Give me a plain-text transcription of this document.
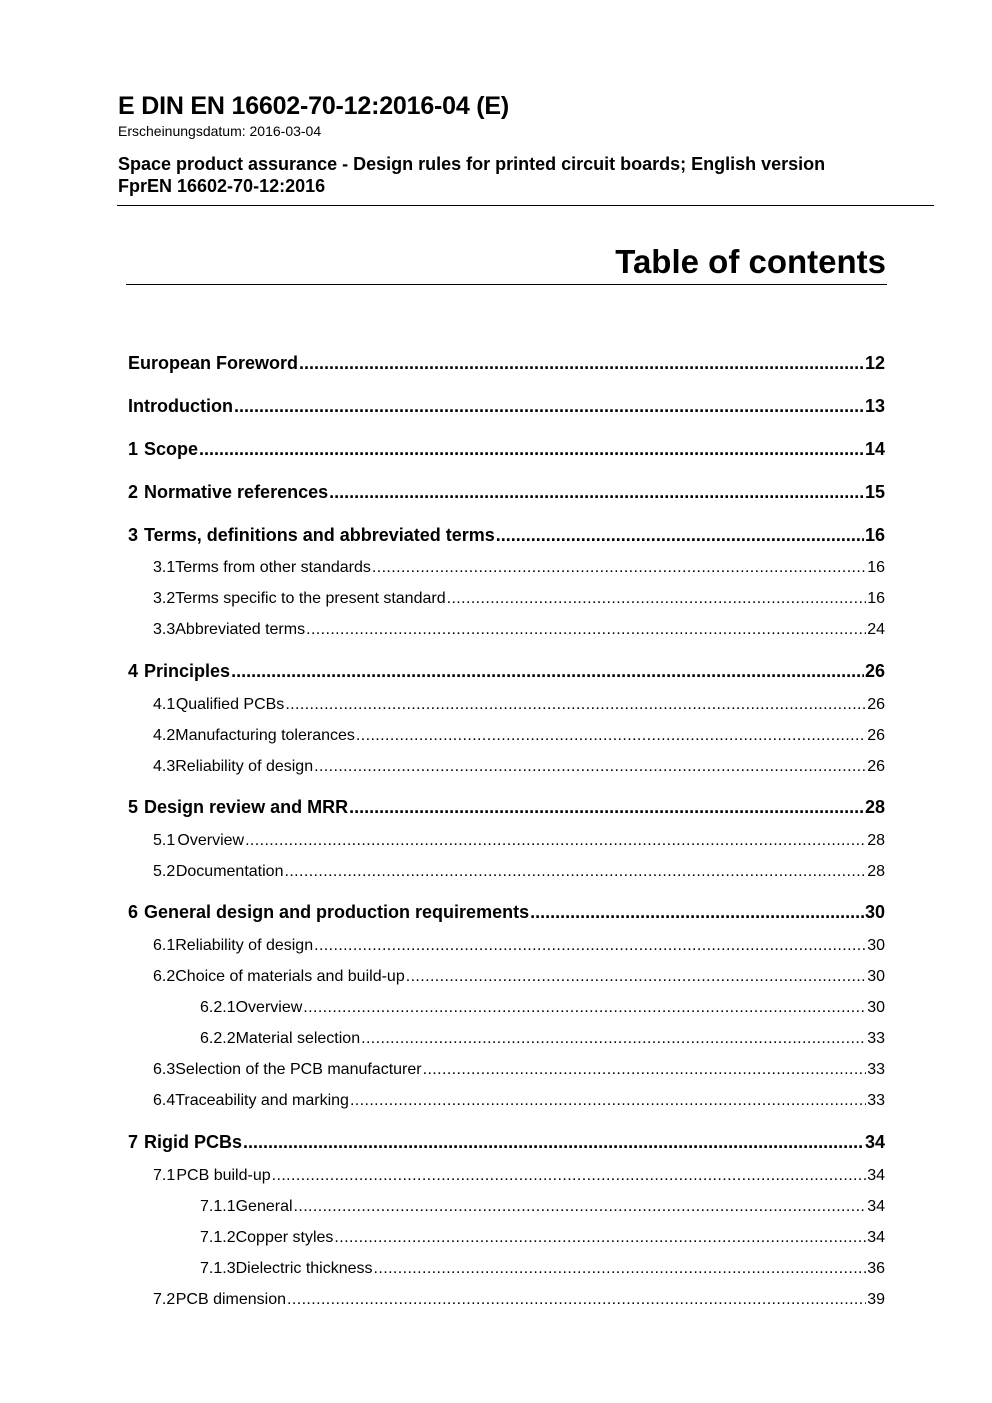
E DIN EN 16602-70-12:2016-04 (E)
Erscheinungsdatum: 2016-03-04
Space product assurance - Design rules for printed circuit boards; English version
FprEN 16602-70-12:2016
Table of contents
European Foreword .....	12
Introduction .....	13
1 Scope .....	14
2 Normative references .....	15
3 Terms, definitions and abbreviated terms .....	16
3.1 Terms from other standards .....	16
3.2 Terms specific to the present standard .....	16
3.3 Abbreviated terms .....	24
4 Principles .....	26
4.1 Qualified PCBs .....	26
4.2 Manufacturing tolerances .....	26
4.3 Reliability of design .....	26
5 Design review and MRR .....	28
5.1 Overview .....	28
5.2 Documentation .....	28
6 General design and production requirements .....	30
6.1 Reliability of design .....	30
6.2 Choice of materials and build-up .....	30
6.2.1 Overview .....	30
6.2.2 Material selection .....	33
6.3 Selection of the PCB manufacturer .....	33
6.4 Traceability and marking .....	33
7 Rigid PCBs .....	34
7.1 PCB build-up .....	34
7.1.1 General .....	34
7.1.2 Copper styles .....	34
7.1.3 Dielectric thickness .....	36
7.2 PCB dimension .....	39
